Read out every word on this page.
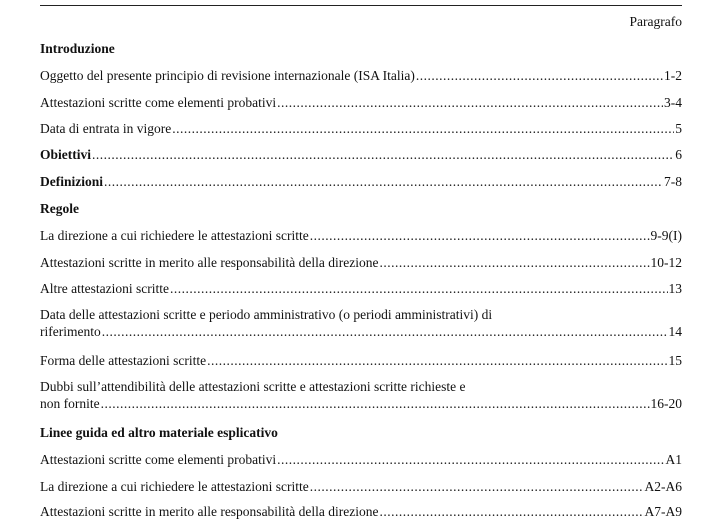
Paragrafo
Introduzione
Oggetto del presente principio di revisione internazionale (ISA Italia) .....	1-2
Attestazioni scritte come elementi probativi .....	3-4
Data di entrata in vigore .....	5
Obiettivi .....	6
Definizioni .....	7-8
Regole
La direzione a cui richiedere le attestazioni scritte .....	9-9(I)
Attestazioni scritte in merito alle responsabilità della direzione .....	10-12
Altre attestazioni scritte .....	13
Data delle attestazioni scritte e periodo amministrativo (o periodi amministrativi) di
riferimento .....	14
Forma delle attestazioni scritte .....	15
Dubbi sull’attendibilità delle attestazioni scritte e attestazioni scritte richieste e
non fornite .....	16-20
Linee guida ed altro materiale esplicativo
Attestazioni scritte come elementi probativi .....	A1
La direzione a cui richiedere le attestazioni scritte .....	A2-A6
Attestazioni scritte in merito alle responsabilità della direzione .....	A7-A9
